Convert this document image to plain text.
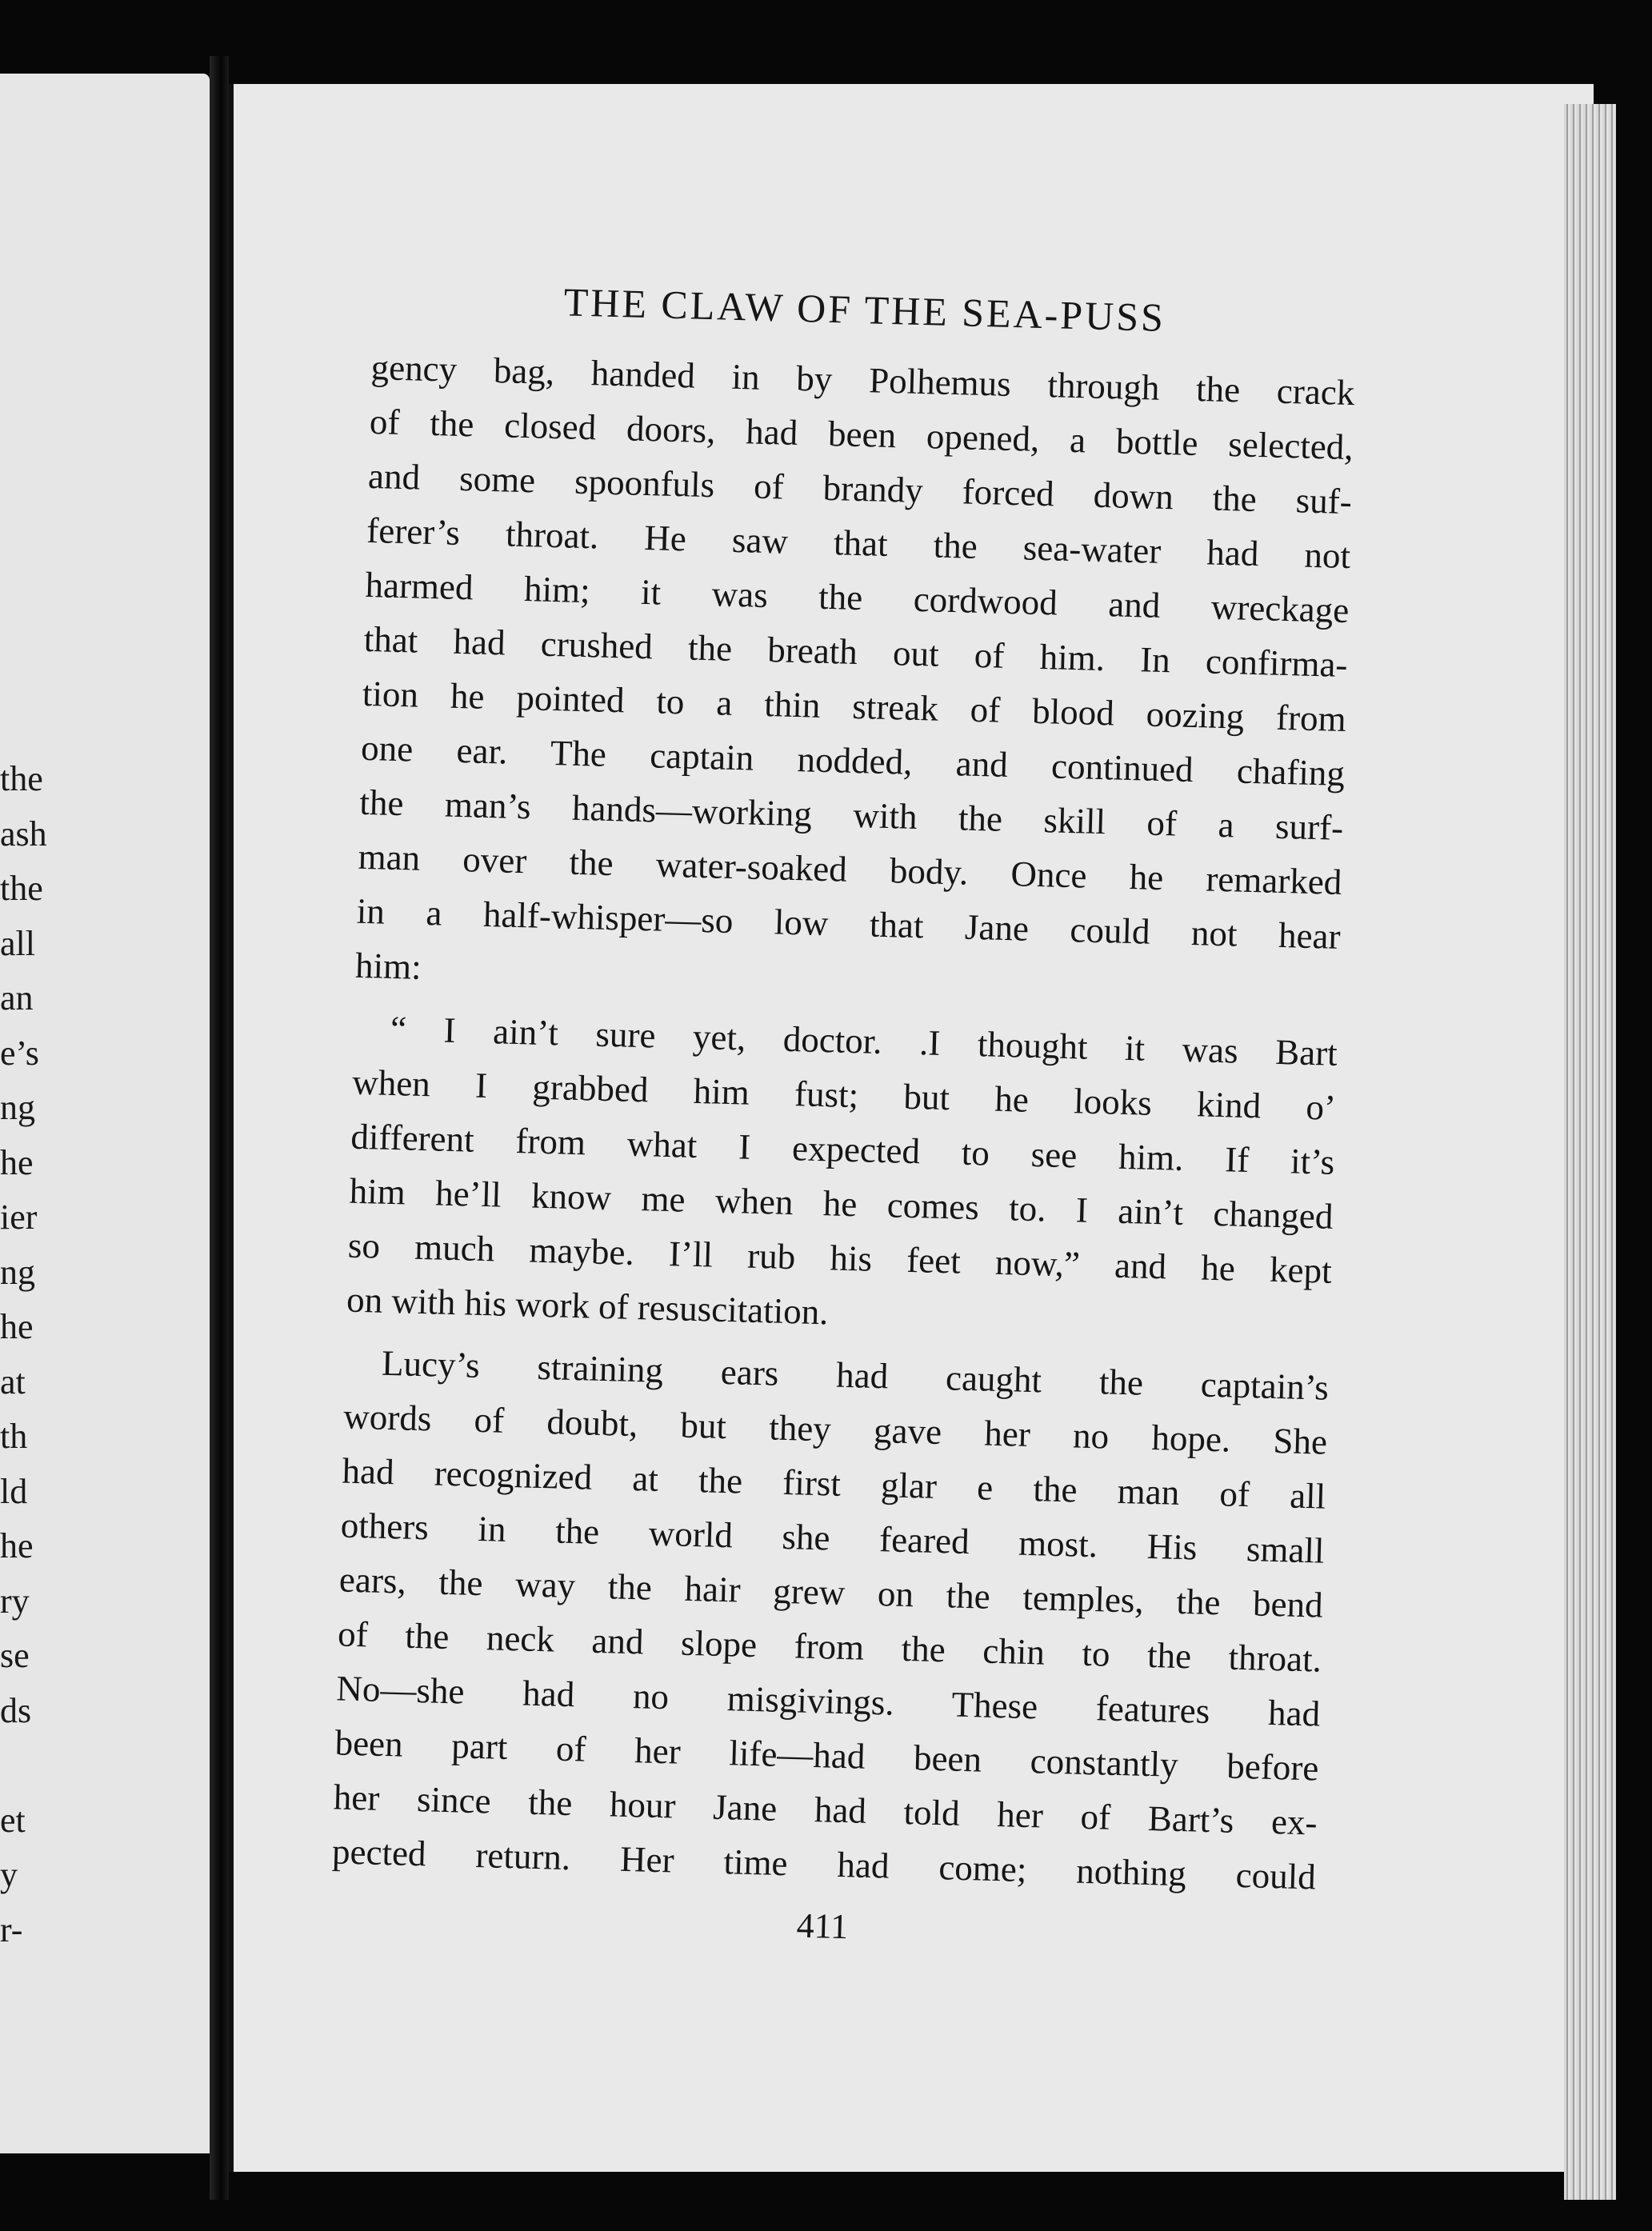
the
ash
the
all
an
e’s
ng
he
ier
ng
he
at
th
ld
he
ry
se
ds
et
y
r-
THE CLAW OF THE SEA-PUSS
gency bag, handed in by Polhemus through the crack
of the closed doors, had been opened, a bottle selected,
and some spoonfuls of brandy forced down the suf-
ferer’s throat. He saw that the sea-water had not
harmed him; it was the cordwood and wreckage
that had crushed the breath out of him. In confirma-
tion he pointed to a thin streak of blood oozing from
one ear. The captain nodded, and continued chafing
the man’s hands—working with the skill of a surf-
man over the water-soaked body. Once he remarked
in a half-whisper—so low that Jane could not hear
him:
“ I ain’t sure yet, doctor. .I thought it was Bart
when I grabbed him fust; but he looks kind o’
different from what I expected to see him. If it’s
him he’ll know me when he comes to. I ain’t changed
so much maybe. I’ll rub his feet now,” and he kept
on with his work of resuscitation.
Lucy’s straining ears had caught the captain’s
words of doubt, but they gave her no hope. She
had recognized at the first glar e the man of all
others in the world she feared most. His small
ears, the way the hair grew on the temples, the bend
of the neck and slope from the chin to the throat.
No—she had no misgivings. These features had
been part of her life—had been constantly before
her since the hour Jane had told her of Bart’s ex-
pected return. Her time had come; nothing could
411
